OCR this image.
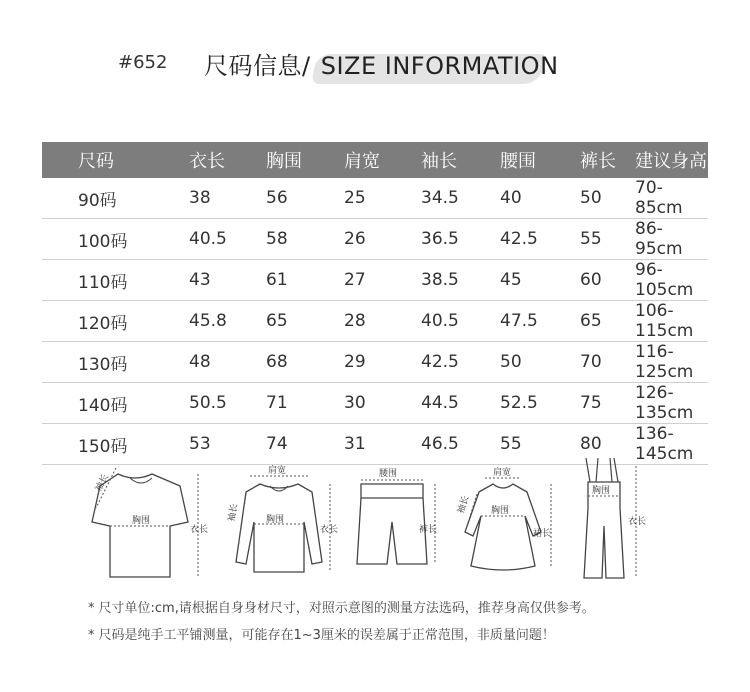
#652 尺码信息/ SIZE INFORMATION
尺码	衣长	胸围	肩宽	袖长	腰围	裤长	建议身高
90码	38	56	25	34.5	40	50	70-85cm
100码	40.5	58	26	36.5	42.5	55	86-95cm
110码	43	61	27	38.5	45	60	96-105cm
120码	45.8	65	28	40.5	47.5	65	106-115cm
130码	48	68	29	42.5	50	70	116-125cm
140码	50.5	71	30	44.5	52.5	75	126-135cm
150码	53	74	31	46.5	55	80	136-145cm
袖长
胸围
衣长
肩宽
袖长	胸围
衣长
腰围
裤长
肩宽
袖长 胸围
裙长
胸围
衣长
* 尺寸单位:cm,请根据自身身材尺寸，对照示意图的测量方法选码，推荐身高仅供参考。
* 尺码是纯手工平铺测量，可能存在1~3厘米的误差属于正常范围，非质量问题！
